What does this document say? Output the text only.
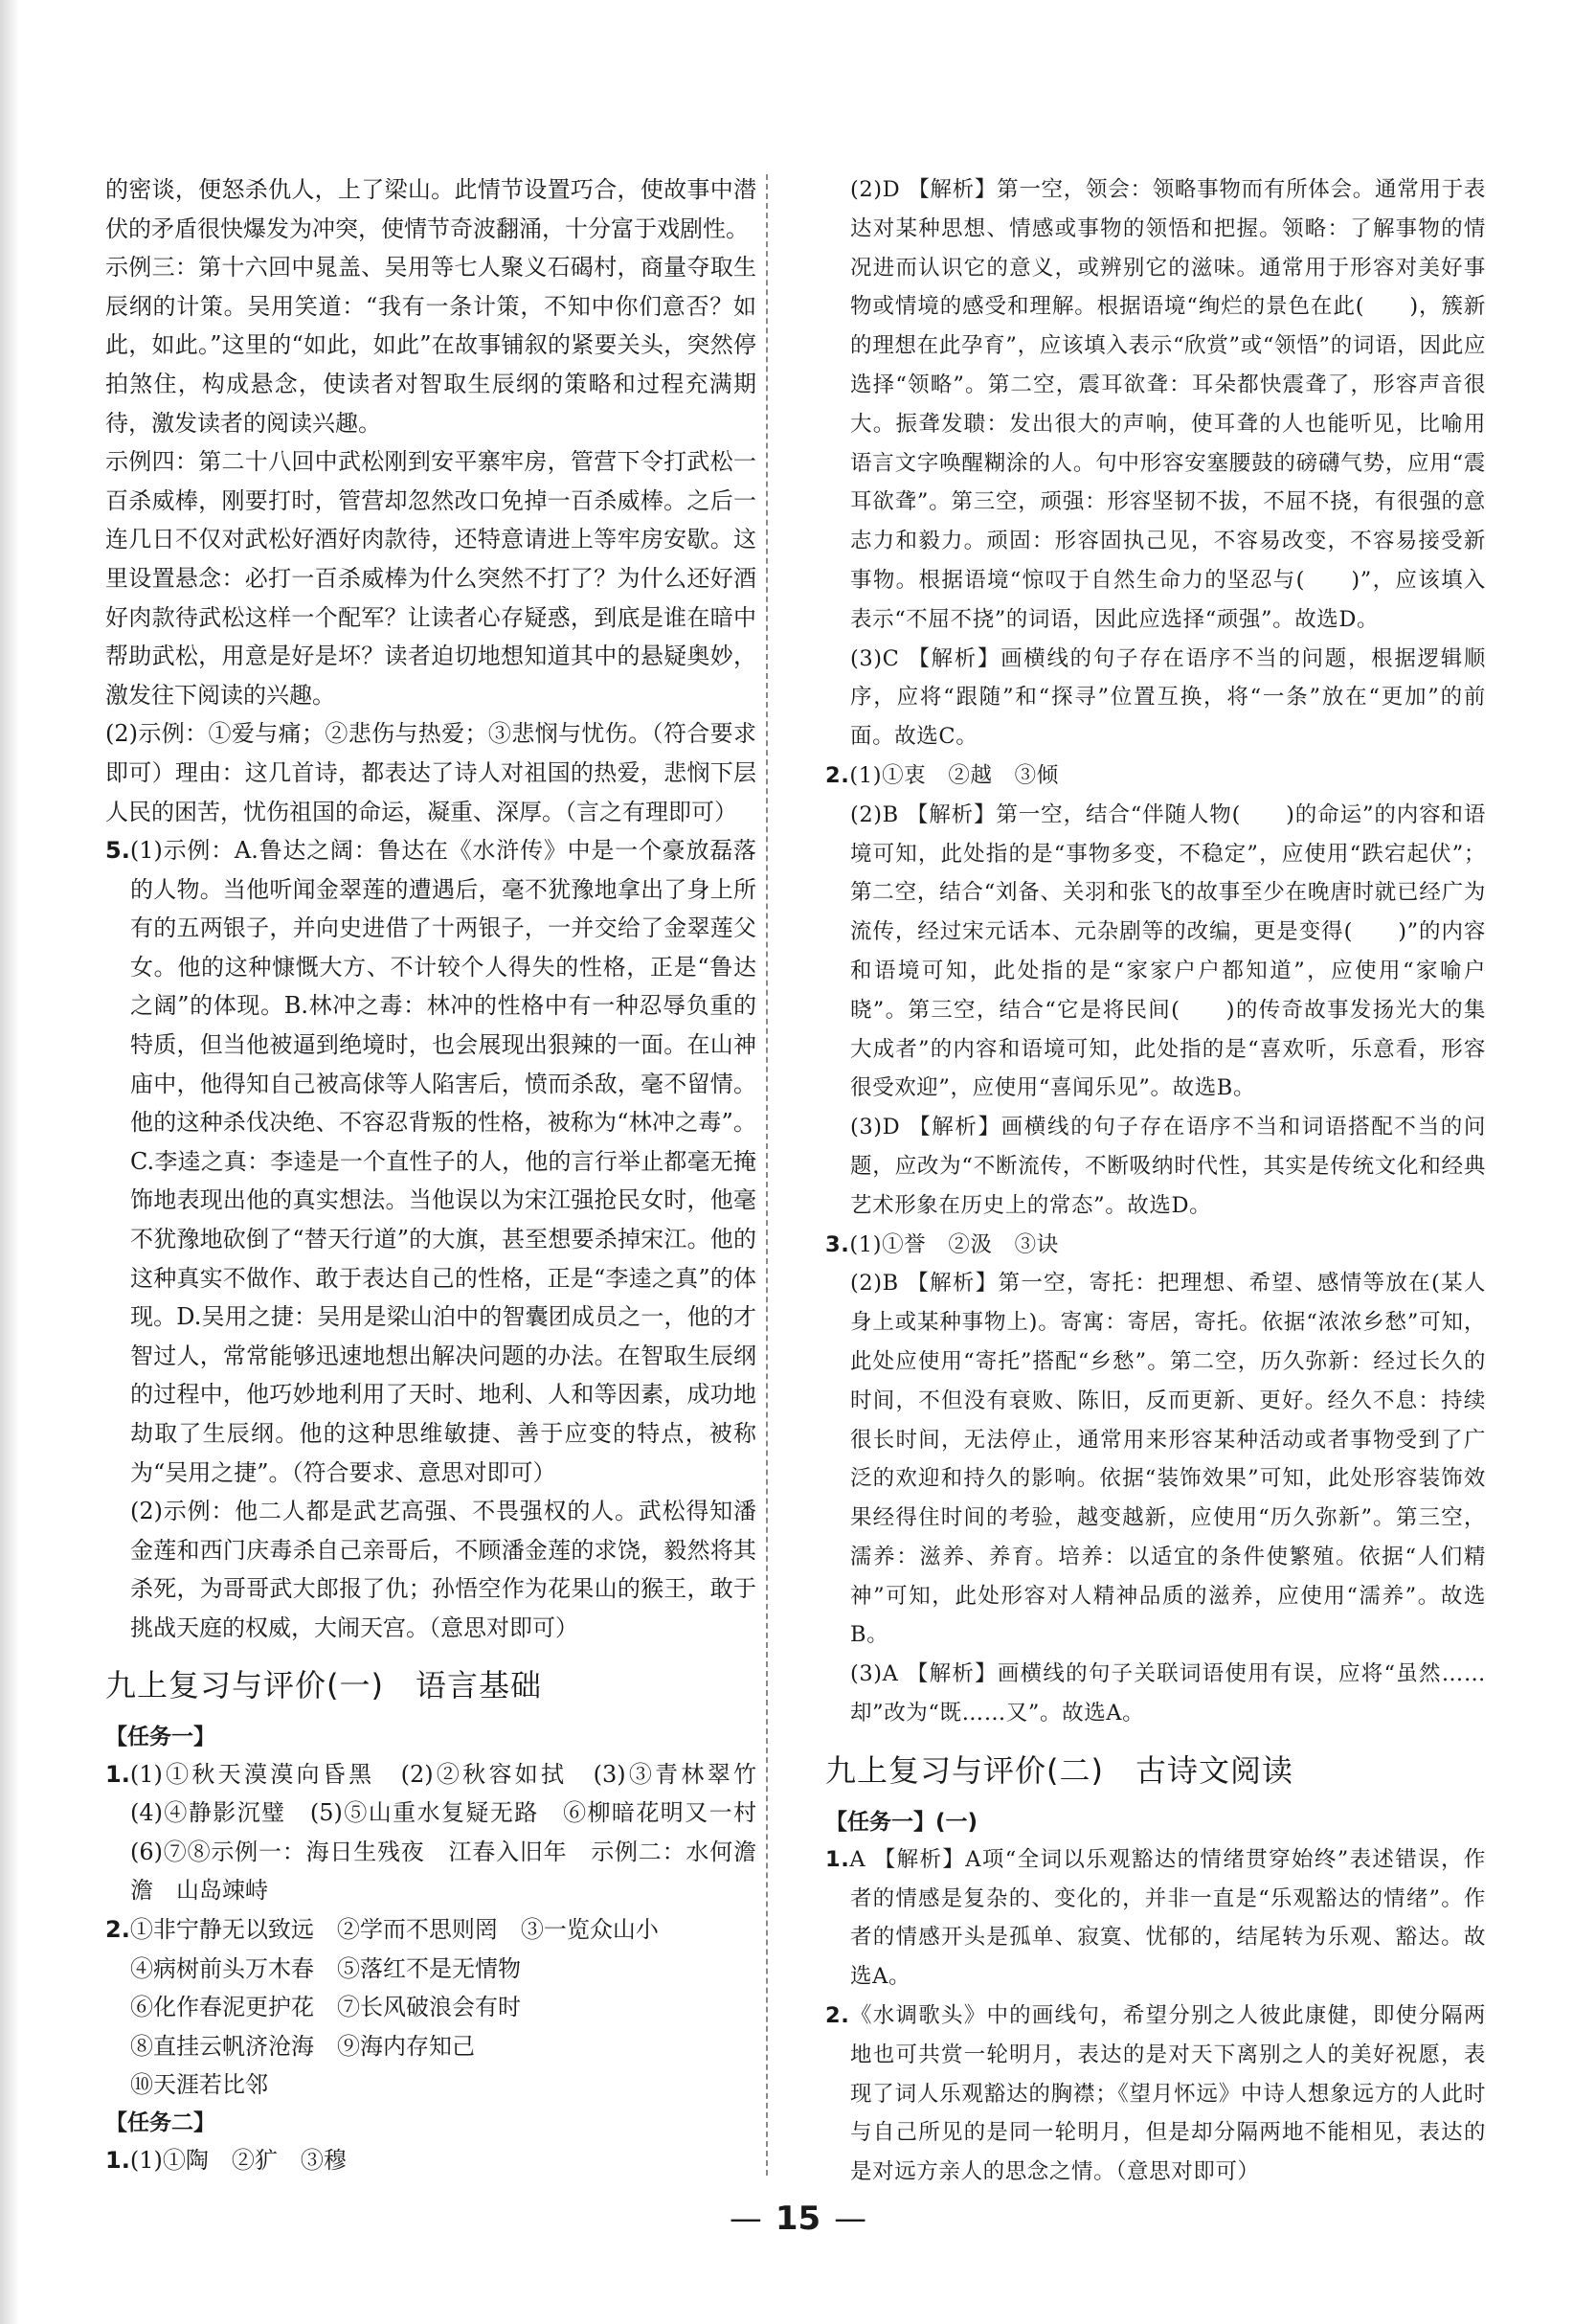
的密谈，便怒杀仇人，上了梁山。此情节设置巧合，使故事中潜伏的矛盾很快爆发为冲突，使情节奇波翻涌，十分富于戏剧性。

示例三：第十六回中晁盖、吴用等七人聚义石碣村，商量夺取生辰纲的计策。吴用笑道：“我有一条计策，不知中你们意否？如此，如此。”这里的“如此，如此”在故事铺叙的紧要关头，突然停拍煞住，构成悬念，使读者对智取生辰纲的策略和过程充满期待，激发读者的阅读兴趣。

示例四：第二十八回中武松刚到安平寨牢房，管营下令打武松一百杀威棒，刚要打时，管营却忽然改口免掉一百杀威棒。之后一连几日不仅对武松好酒好肉款待，还特意请进上等牢房安歇。这里设置悬念：必打一百杀威棒为什么突然不打了？为什么还好酒好肉款待武松这样一个配军？让读者心存疑惑，到底是谁在暗中帮助武松，用意是好是坏？读者迫切地想知道其中的悬疑奥妙，激发往下阅读的兴趣。

(2)示例：①爱与痛；②悲伤与热爱；③悲悯与忧伤。（符合要求即可）理由：这几首诗，都表达了诗人对祖国的热爱，悲悯下层人民的困苦，忧伤祖国的命运，凝重、深厚。（言之有理即可）

5.(1)示例：A.鲁达之阔：鲁达在《水浒传》中是一个豪放磊落的人物。当他听闻金翠莲的遭遇后，毫不犹豫地拿出了身上所有的五两银子，并向史进借了十两银子，一并交给了金翠莲父女。他的这种慷慨大方、不计较个人得失的性格，正是“鲁达之阔”的体现。B.林冲之毒：林冲的性格中有一种忍辱负重的特质，但当他被逼到绝境时，也会展现出狠辣的一面。在山神庙中，他得知自己被高俅等人陷害后，愤而杀敌，毫不留情。他的这种杀伐决绝、不容忍背叛的性格，被称为“林冲之毒”。C.李逵之真：李逵是一个直性子的人，他的言行举止都毫无掩饰地表现出他的真实想法。当他误以为宋江强抢民女时，他毫不犹豫地砍倒了“替天行道”的大旗，甚至想要杀掉宋江。他的这种真实不做作、敢于表达自己的性格，正是“李逵之真”的体现。D.吴用之捷：吴用是梁山泊中的智囊团成员之一，他的才智过人，常常能够迅速地想出解决问题的办法。在智取生辰纲的过程中，他巧妙地利用了天时、地利、人和等因素，成功地劫取了生辰纲。他的这种思维敏捷、善于应变的特点，被称为“吴用之捷”。（符合要求、意思对即可）

(2)示例：他二人都是武艺高强、不畏强权的人。武松得知潘金莲和西门庆毒杀自己亲哥后，不顾潘金莲的求饶，毅然将其杀死，为哥哥武大郎报了仇；孙悟空作为花果山的猴王，敢于挑战天庭的权威，大闹天宫。（意思对即可）

九上复习与评价(一)　语言基础

【任务一】

1.(1)①秋天漠漠向昏黑　(2)②秋容如拭　(3)③青林翠竹　(4)④静影沉璧　(5)⑤山重水复疑无路　⑥柳暗花明又一村　(6)⑦⑧示例一：海日生残夜　江春入旧年　示例二：水何澹澹　山岛竦峙

2.①非宁静无以致远　②学而不思则罔　③一览众山小

④病树前头万木春　⑤落红不是无情物

⑥化作春泥更护花　⑦长风破浪会有时

⑧直挂云帆济沧海　⑨海内存知己

⑩天涯若比邻

【任务二】

1.(1)①陶　②犷　③穆

(2)D 【解析】第一空，领会：领略事物而有所体会。通常用于表达对某种思想、情感或事物的领悟和把握。领略：了解事物的情况进而认识它的意义，或辨别它的滋味。通常用于形容对美好事物或情境的感受和理解。根据语境“绚烂的景色在此(　　)，簇新的理想在此孕育”，应该填入表示“欣赏”或“领悟”的词语，因此应选择“领略”。第二空，震耳欲聋：耳朵都快震聋了，形容声音很大。振聋发聩：发出很大的声响，使耳聋的人也能听见，比喻用语言文字唤醒糊涂的人。句中形容安塞腰鼓的磅礴气势，应用“震耳欲聋”。第三空，顽强：形容坚韧不拔，不屈不挠，有很强的意志力和毅力。顽固：形容固执己见，不容易改变，不容易接受新事物。根据语境“惊叹于自然生命力的坚忍与(　　)”，应该填入表示“不屈不挠”的词语，因此应选择“顽强”。故选D。

(3)C 【解析】画横线的句子存在语序不当的问题，根据逻辑顺序，应将“跟随”和“探寻”位置互换，将“一条”放在“更加”的前面。故选C。

2.(1)①衷　②越　③倾

(2)B 【解析】第一空，结合“伴随人物(　　)的命运”的内容和语境可知，此处指的是“事物多变，不稳定”，应使用“跌宕起伏”；第二空，结合“刘备、关羽和张飞的故事至少在晚唐时就已经广为流传，经过宋元话本、元杂剧等的改编，更是变得(　　)”的内容和语境可知，此处指的是“家家户户都知道”，应使用“家喻户晓”。第三空，结合“它是将民间(　　)的传奇故事发扬光大的集大成者”的内容和语境可知，此处指的是“喜欢听，乐意看，形容很受欢迎”，应使用“喜闻乐见”。故选B。

(3)D 【解析】画横线的句子存在语序不当和词语搭配不当的问题，应改为“不断流传，不断吸纳时代性，其实是传统文化和经典艺术形象在历史上的常态”。故选D。

3.(1)①誉　②汲　③诀

(2)B 【解析】第一空，寄托：把理想、希望、感情等放在(某人身上或某种事物上)。寄寓：寄居，寄托。依据“浓浓乡愁”可知，此处应使用“寄托”搭配“乡愁”。第二空，历久弥新：经过长久的时间，不但没有衰败、陈旧，反而更新、更好。经久不息：持续很长时间，无法停止，通常用来形容某种活动或者事物受到了广泛的欢迎和持久的影响。依据“装饰效果”可知，此处形容装饰效果经得住时间的考验，越变越新，应使用“历久弥新”。第三空，濡养：滋养、养育。培养：以适宜的条件使繁殖。依据“人们精神”可知，此处形容对人精神品质的滋养，应使用“濡养”。故选B。

(3)A 【解析】画横线的句子关联词语使用有误，应将“虽然……却”改为“既……又”。故选A。

九上复习与评价(二)　古诗文阅读

【任务一】(一)

1.A 【解析】A项“全词以乐观豁达的情绪贯穿始终”表述错误，作者的情感是复杂的、变化的，并非一直是“乐观豁达的情绪”。作者的情感开头是孤单、寂寞、忧郁的，结尾转为乐观、豁达。故选A。

2.《水调歌头》中的画线句，希望分别之人彼此康健，即使分隔两地也可共赏一轮明月，表达的是对天下离别之人的美好祝愿，表现了词人乐观豁达的胸襟；《望月怀远》中诗人想象远方的人此时与自己所见的是同一轮明月，但是却分隔两地不能相见，表达的是对远方亲人的思念之情。（意思对即可）

— 15 —
